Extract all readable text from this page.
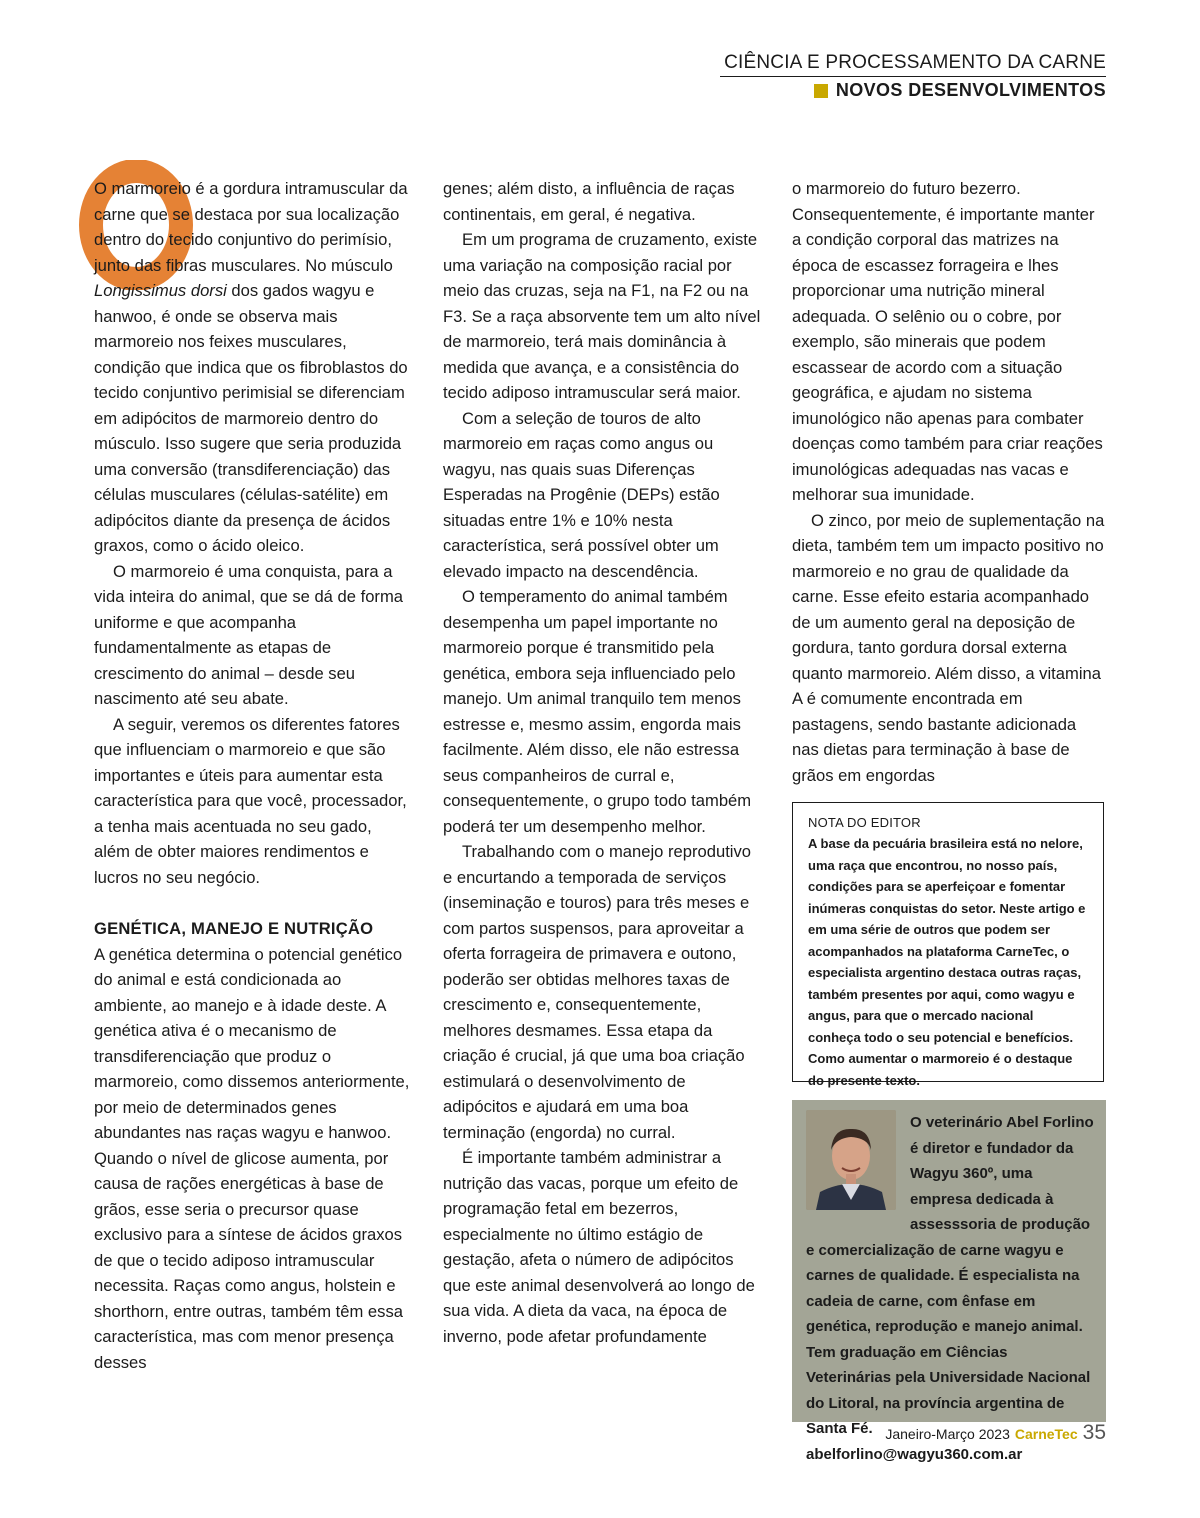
CIÊNCIA E PROCESSAMENTO DA CARNE
NOVOS DESENVOLVIMENTOS

O marmoreio é a gordura intramuscular da carne que se destaca por sua localização dentro do tecido conjuntivo do perimísio, junto das fibras musculares. No músculo Longissimus dorsi dos gados wagyu e hanwoo, é onde se observa mais marmoreio nos feixes musculares, condição que indica que os fibroblastos do tecido conjuntivo perimisial se diferenciam em adipócitos de marmoreio dentro do músculo. Isso sugere que seria produzida uma conversão (transdiferenciação) das células musculares (células-satélite) em adipócitos diante da presença de ácidos graxos, como o ácido oleico.

O marmoreio é uma conquista, para a vida inteira do animal, que se dá de forma uniforme e que acompanha fundamentalmente as etapas de crescimento do animal – desde seu nascimento até seu abate.

A seguir, veremos os diferentes fatores que influenciam o marmoreio e que são importantes e úteis para aumentar esta característica para que você, processador, a tenha mais acentuada no seu gado, além de obter maiores rendimentos e lucros no seu negócio.

GENÉTICA, MANEJO E NUTRIÇÃO

A genética determina o potencial genético do animal e está condicionada ao ambiente, ao manejo e à idade deste. A genética ativa é o mecanismo de transdiferenciação que produz o marmoreio, como dissemos anteriormente, por meio de determinados genes abundantes nas raças wagyu e hanwoo. Quando o nível de glicose aumenta, por causa de rações energéticas à base de grãos, esse seria o precursor quase exclusivo para a síntese de ácidos graxos de que o tecido adiposo intramuscular necessita. Raças como angus, holstein e shorthorn, entre outras, também têm essa característica, mas com menor presença desses

genes; além disto, a influência de raças continentais, em geral, é negativa.

Em um programa de cruzamento, existe uma variação na composição racial por meio das cruzas, seja na F1, na F2 ou na F3. Se a raça absorvente tem um alto nível de marmoreio, terá mais dominância à medida que avança, e a consistência do tecido adiposo intramuscular será maior.

Com a seleção de touros de alto marmoreio em raças como angus ou wagyu, nas quais suas Diferenças Esperadas na Progênie (DEPs) estão situadas entre 1% e 10% nesta característica, será possível obter um elevado impacto na descendência.

O temperamento do animal também desempenha um papel importante no marmoreio porque é transmitido pela genética, embora seja influenciado pelo manejo. Um animal tranquilo tem menos estresse e, mesmo assim, engorda mais facilmente. Além disso, ele não estressa seus companheiros de curral e, consequentemente, o grupo todo também poderá ter um desempenho melhor.

Trabalhando com o manejo reprodutivo e encurtando a temporada de serviços (inseminação e touros) para três meses e com partos suspensos, para aproveitar a oferta forrageira de primavera e outono, poderão ser obtidas melhores taxas de crescimento e, consequentemente, melhores desmames. Essa etapa da criação é crucial, já que uma boa criação estimulará o desenvolvimento de adipócitos e ajudará em uma boa terminação (engorda) no curral.

É importante também administrar a nutrição das vacas, porque um efeito de programação fetal em bezerros, especialmente no último estágio de gestação, afeta o número de adipócitos que este animal desenvolverá ao longo de sua vida. A dieta da vaca, na época de inverno, pode afetar profundamente

o marmoreio do futuro bezerro. Consequentemente, é importante manter a condição corporal das matrizes na época de escassez forrageira e lhes proporcionar uma nutrição mineral adequada. O selênio ou o cobre, por exemplo, são minerais que podem escassear de acordo com a situação geográfica, e ajudam no sistema imunológico não apenas para combater doenças como também para criar reações imunológicas adequadas nas vacas e melhorar sua imunidade.

O zinco, por meio de suplementação na dieta, também tem um impacto positivo no marmoreio e no grau de qualidade da carne. Esse efeito estaria acompanhado de um aumento geral na deposição de gordura, tanto gordura dorsal externa quanto marmoreio. Além disso, a vitamina A é comumente encontrada em pastagens, sendo bastante adicionada nas dietas para terminação à base de grãos em engordas

NOTA DO EDITOR
A base da pecuária brasileira está no nelore, uma raça que encontrou, no nosso país, condições para se aperfeiçoar e fomentar inúmeras conquistas do setor. Neste artigo e em uma série de outros que podem ser acompanhados na plataforma CarneTec, o especialista argentino destaca outras raças, também presentes por aqui, como wagyu e angus, para que o mercado nacional conheça todo o seu potencial e benefícios. Como aumentar o marmoreio é o destaque do presente texto.
O veterinário Abel Forlino é diretor e fundador da Wagyu 360º, uma empresa dedicada à assesssoria de produção e comercialização de carne wagyu e carnes de qualidade. É especialista na cadeia de carne, com ênfase em genética, reprodução e manejo animal. Tem graduação em Ciências Veterinárias pela Universidade Nacional do Litoral, na província argentina de Santa Fé.
abelforlino@wagyu360.com.ar
Janeiro-Março 2023 CarneTec 35
